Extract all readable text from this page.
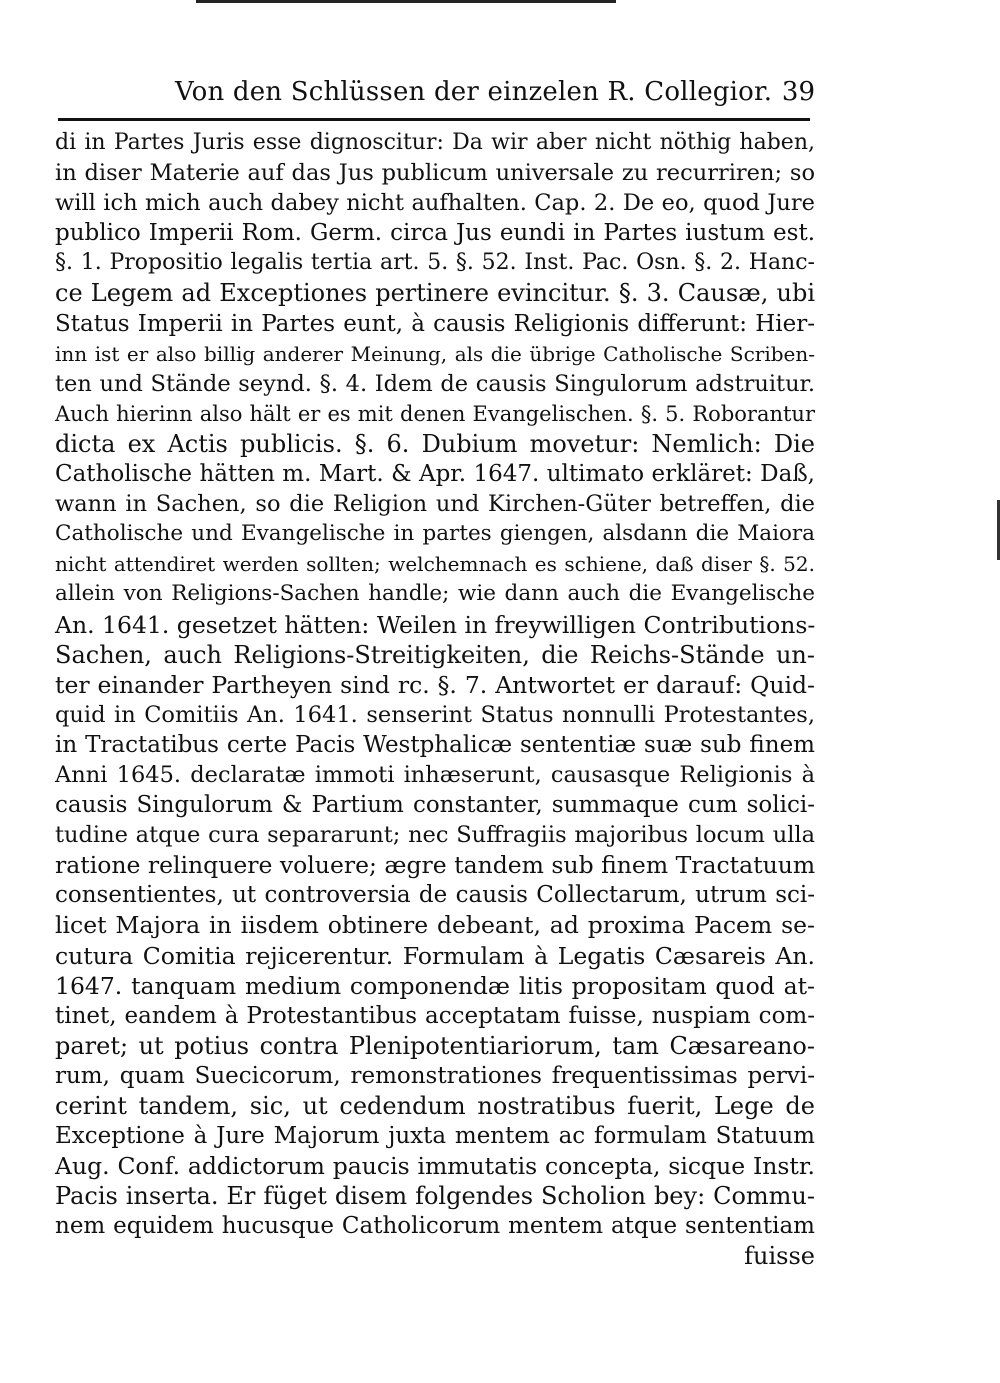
Von den Schlüssen der einzelen R. Collegior. 39
di in Partes Juris esse dignoscitur: Da wir aber nicht nöthig haben,
in diser Materie auf das Jus publicum universale zu recurriren; so
will ich mich auch dabey nicht aufhalten. Cap. 2. De eo, quod Jure
publico Imperii Rom. Germ. circa Jus eundi in Partes iustum est.
§. 1. Propositio legalis tertia art. 5. §. 52. Inst. Pac. Osn. §. 2. Hanc-
ce Legem ad Exceptiones pertinere evincitur. §. 3. Causæ, ubi
Status Imperii in Partes eunt, à causis Religionis differunt: Hier-
inn ist er also billig anderer Meinung, als die übrige Catholische Scriben-
ten und Stände seynd. §. 4. Idem de causis Singulorum adstruitur.
Auch hierinn also hält er es mit denen Evangelischen. §. 5. Roborantur
dicta ex Actis publicis. §. 6. Dubium movetur: Nemlich: Die
Catholische hätten m. Mart. & Apr. 1647. ultimato erkläret: Daß,
wann in Sachen, so die Religion und Kirchen-Güter betreffen, die
Catholische und Evangelische in partes giengen, alsdann die Maiora
nicht attendiret werden sollten; welchemnach es schiene, daß diser §. 52.
allein von Religions-Sachen handle; wie dann auch die Evangelische
An. 1641. gesetzet hätten: Weilen in freywilligen Contributions-
Sachen, auch Religions-Streitigkeiten, die Reichs-Stände un-
ter einander Partheyen sind rc. §. 7. Antwortet er darauf: Quid-
quid in Comitiis An. 1641. senserint Status nonnulli Protestantes,
in Tractatibus certe Pacis Westphalicæ sententiæ suæ sub finem
Anni 1645. declaratæ immoti inhæserunt, causasque Religionis à
causis Singulorum & Partium constanter, summaque cum solici-
tudine atque cura separarunt; nec Suffragiis majoribus locum ulla
ratione relinquere voluere; ægre tandem sub finem Tractatuum
consentientes, ut controversia de causis Collectarum, utrum sci-
licet Majora in iisdem obtinere debeant, ad proxima Pacem se-
cutura Comitia rejicerentur. Formulam à Legatis Cæsareis An.
1647. tanquam medium componendæ litis propositam quod at-
tinet, eandem à Protestantibus acceptatam fuisse, nuspiam com-
paret; ut potius contra Plenipotentiariorum, tam Cæsareano-
rum, quam Suecicorum, remonstrationes frequentissimas pervi-
cerint tandem, sic, ut cedendum nostratibus fuerit, Lege de
Exceptione à Jure Majorum juxta mentem ac formulam Statuum
Aug. Conf. addictorum paucis immutatis concepta, sicque Instr.
Pacis inserta. Er füget disem folgendes Scholion bey: Commu-
nem equidem hucusque Catholicorum mentem atque sententiam
fuisse
